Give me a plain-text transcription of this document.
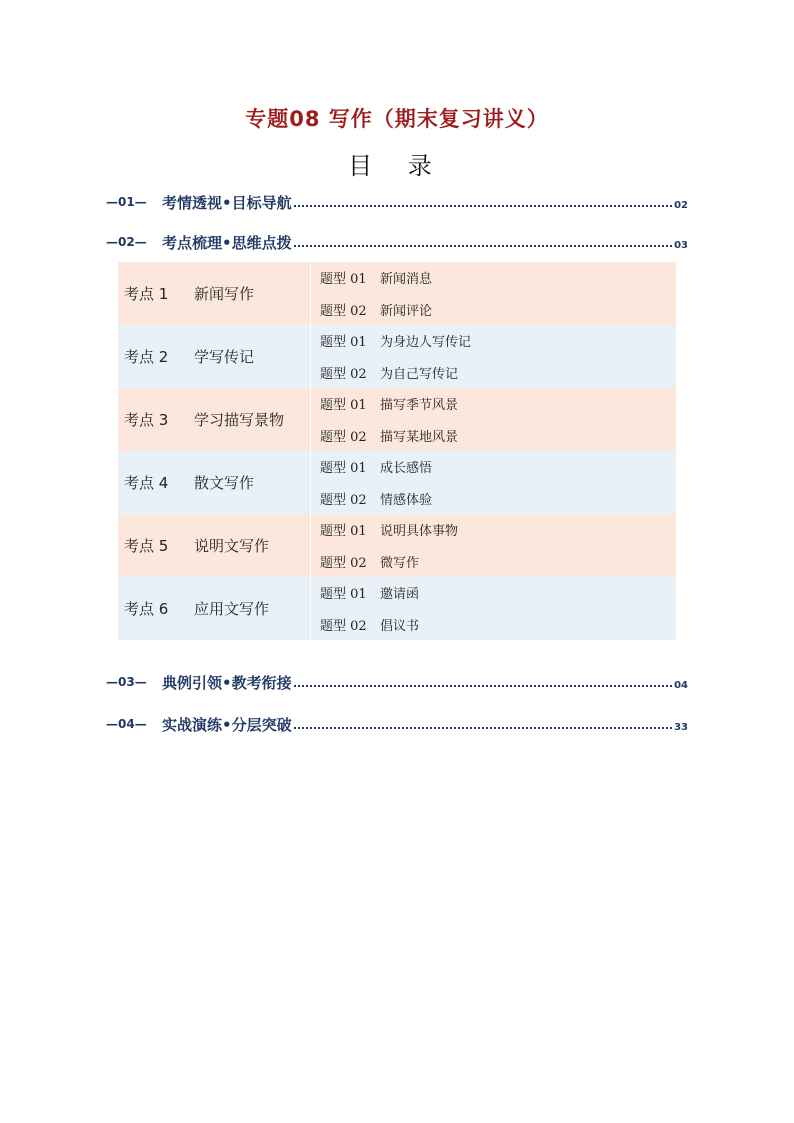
专题08 写作（期末复习讲义）
目 录
—01—	考情透视•目标导航	02
—02—	考点梳理•思维点拨	03
考点 1	新闻写作
题型 01 新闻消息
题型 02 新闻评论
考点 2	学写传记
题型 01 为身边人写传记
题型 02 为自己写传记
考点 3	学习描写景物
题型 01 描写季节风景
题型 02 描写某地风景
考点 4	散文写作
题型 01 成长感悟
题型 02 情感体验
考点 5	说明文写作
题型 01 说明具体事物
题型 02 微写作
考点 6	应用文写作
题型 01 邀请函
题型 02 倡议书
—03—	典例引领•教考衔接	04
—04—	实战演练•分层突破	33
